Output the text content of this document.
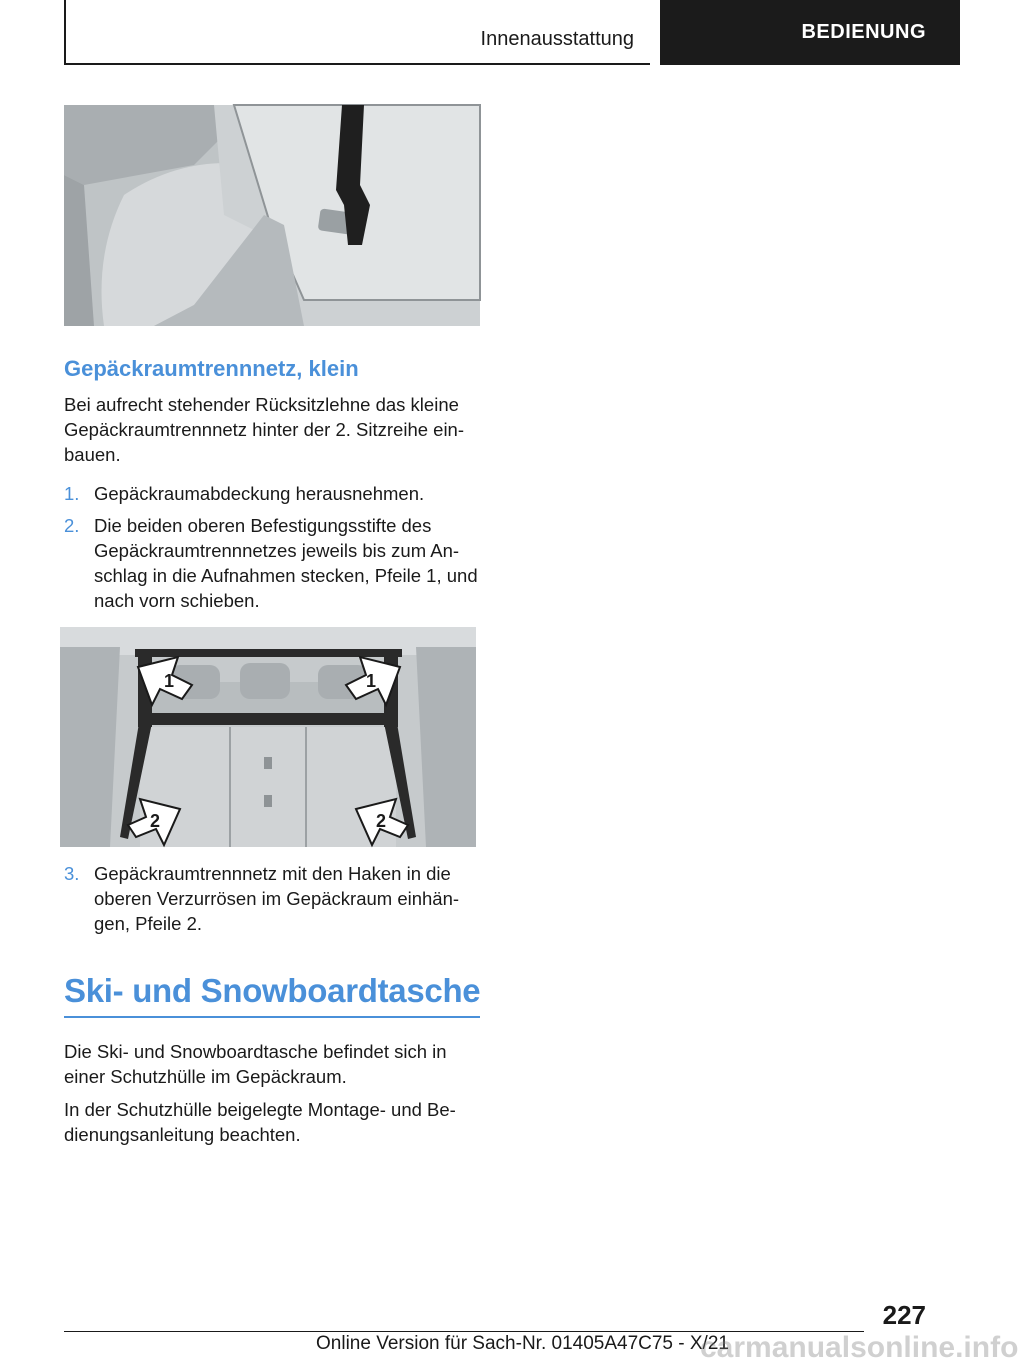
Innenausstattung	BEDIENUNG
Gepäckraumtrennnetz, klein

Bei aufrecht stehender Rücksitzlehne das kleine Gepäckraumtrennnetz hinter der 2. Sitzreihe ein-bauen.

1. Gepäckraumabdeckung herausnehmen.
2. Die beiden oberen Befestigungsstifte des Gepäckraumtrennnetzes jeweils bis zum An-schlag in die Aufnahmen stecken, Pfeile 1, und nach vorn schieben.
1	1
2	2
3. Gepäckraumtrennnetz mit den Haken in die oberen Verzurrösen im Gepäckraum einhän-gen, Pfeile 2.
Ski- und Snowboardtasche

Die Ski- und Snowboardtasche befindet sich in einer Schutzhülle im Gepäckraum.

In der Schutzhülle beigelegte Montage- und Be-dienungsanleitung beachten.

227
Online Version für Sach-Nr. 01405A47C75 - X/21
carmanualsonline.info
